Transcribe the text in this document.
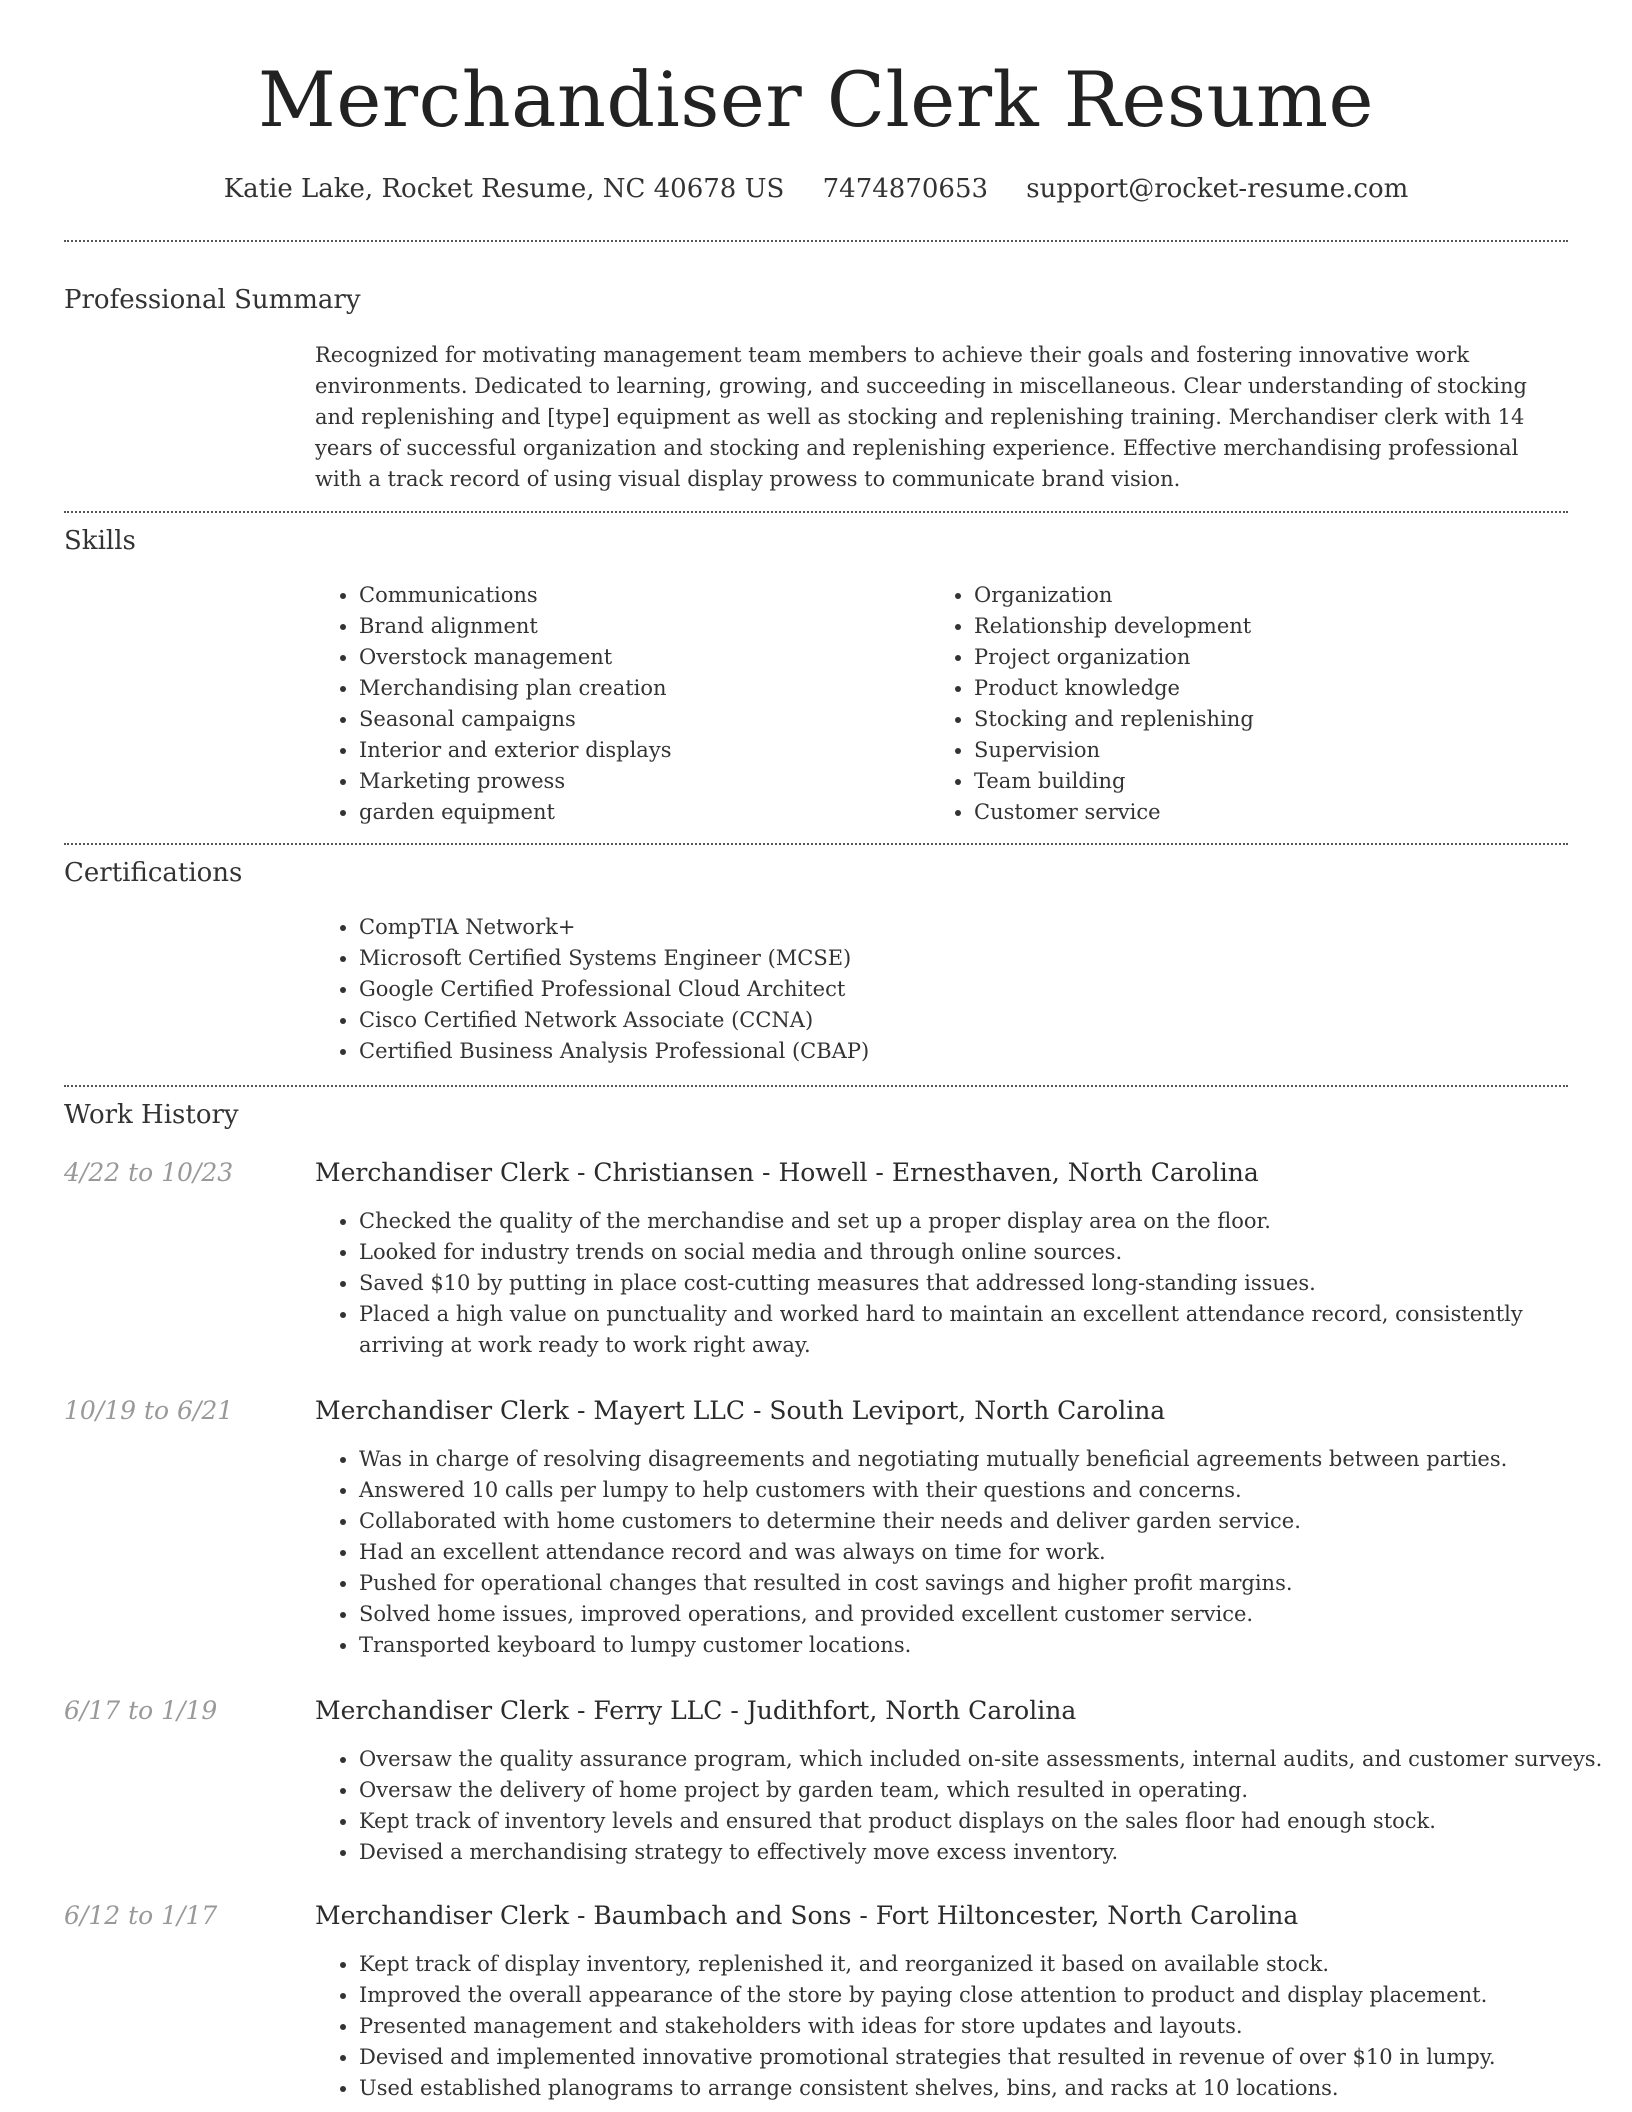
Merchandiser Clerk Resume
Katie Lake, Rocket Resume, NC 40678 US 7474870653 support@rocket-resume.com
Professional Summary

Recognized for motivating management team members to achieve their goals and fostering innovative work environments. Dedicated to learning, growing, and succeeding in miscellaneous. Clear understanding of stocking and replenishing and [type] equipment as well as stocking and replenishing training. Merchandiser clerk with 14 years of successful organization and stocking and replenishing experience. Effective merchandising professional with a track record of using visual display prowess to communicate brand vision.

Skills
• Communications
• Brand alignment
• Overstock management
• Merchandising plan creation
• Seasonal campaigns
• Interior and exterior displays
• Marketing prowess
• garden equipment
• Organization
• Relationship development
• Project organization
• Product knowledge
• Stocking and replenishing
• Supervision
• Team building
• Customer service
Certifications
• CompTIA Network+
• Microsoft Certified Systems Engineer (MCSE)
• Google Certified Professional Cloud Architect
• Cisco Certified Network Associate (CCNA)
• Certified Business Analysis Professional (CBAP)
Work History
4/22 to 10/23	Merchandiser Clerk - Christiansen - Howell - Ernesthaven, North Carolina
• Checked the quality of the merchandise and set up a proper display area on the floor.
• Looked for industry trends on social media and through online sources.
• Saved $10 by putting in place cost-cutting measures that addressed long-standing issues.
• Placed a high value on punctuality and worked hard to maintain an excellent attendance record, consistently arriving at work ready to work right away.
10/19 to 6/21	Merchandiser Clerk - Mayert LLC - South Leviport, North Carolina
• Was in charge of resolving disagreements and negotiating mutually beneficial agreements between parties.
• Answered 10 calls per lumpy to help customers with their questions and concerns.
• Collaborated with home customers to determine their needs and deliver garden service.
• Had an excellent attendance record and was always on time for work.
• Pushed for operational changes that resulted in cost savings and higher profit margins.
• Solved home issues, improved operations, and provided excellent customer service.
• Transported keyboard to lumpy customer locations.
6/17 to 1/19	Merchandiser Clerk - Ferry LLC - Judithfort, North Carolina
• Oversaw the quality assurance program, which included on-site assessments, internal audits, and customer surveys.
• Oversaw the delivery of home project by garden team, which resulted in operating.
• Kept track of inventory levels and ensured that product displays on the sales floor had enough stock.
• Devised a merchandising strategy to effectively move excess inventory.
6/12 to 1/17	Merchandiser Clerk - Baumbach and Sons - Fort Hiltoncester, North Carolina
• Kept track of display inventory, replenished it, and reorganized it based on available stock.
• Improved the overall appearance of the store by paying close attention to product and display placement.
• Presented management and stakeholders with ideas for store updates and layouts.
• Devised and implemented innovative promotional strategies that resulted in revenue of over $10 in lumpy.
• Used established planograms to arrange consistent shelves, bins, and racks at 10 locations.
